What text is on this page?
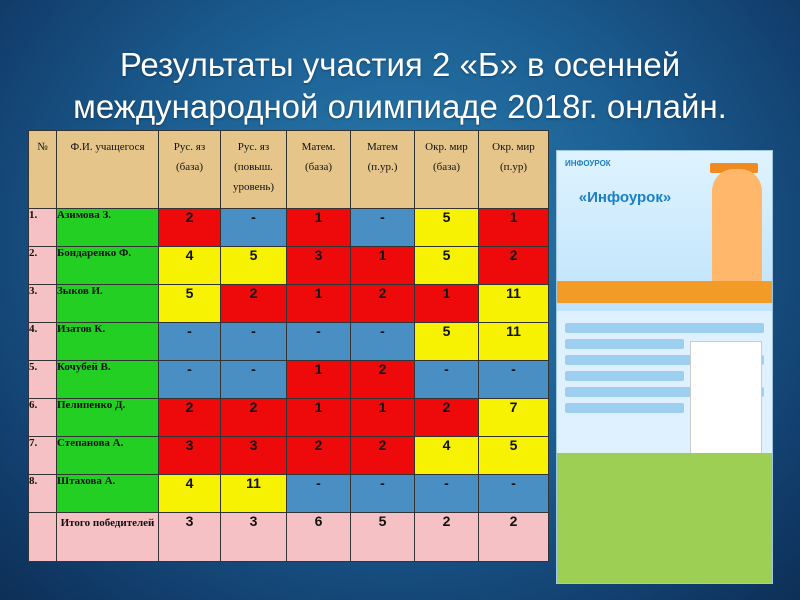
Результаты участия 2 «Б» в осенней
международной олимпиаде 2018г. онлайн.
№	Ф.И. учащегося	Рус. яз (база)	Рус. яз (повыш. уровень)	Матем. (база)	Матем (п.ур.)	Окр. мир (база)	Окр. мир (п.ур)
1.	Азимова З.	2	-	1	-	5	1
2.	Бондаренко Ф.	4	5	3	1	5	2
3.	Зыков И.	5	2	1	2	1	11
4.	Изатов К.	-	-	-	-	5	11
5.	Кочубей В.	-	-	1	2	-	-
6.	Пелипенко Д.	2	2	1	1	2	7
7.	Степанова А.	3	3	2	2	4	5
8.	Штахова А.	4	11	-	-	-	-
	Итого победителей	3	3	6	5	2	2
ИНФОУРОК
«Инфоурок»
